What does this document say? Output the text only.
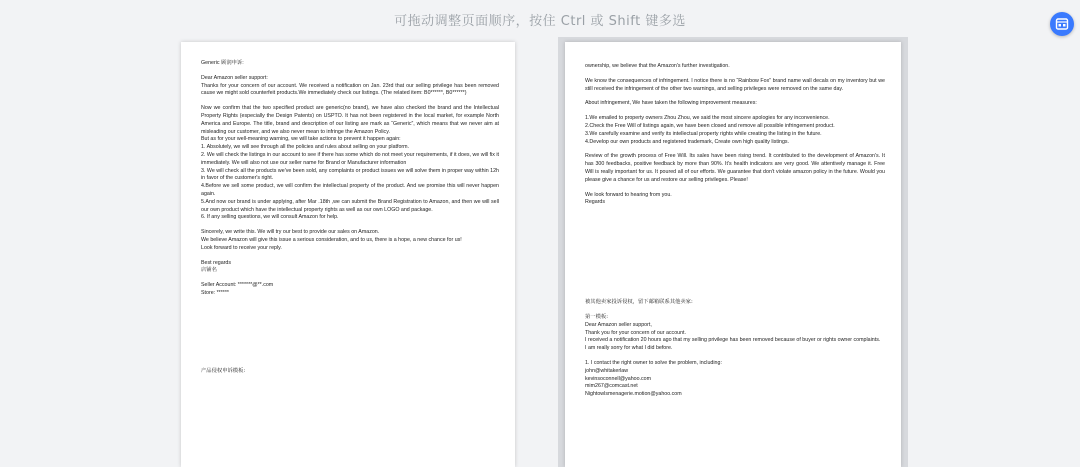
可拖动调整页面顺序，按住 Ctrl 或 Shift 键多选
Generic 顾润申诉:
Dear Amazon seller support:
Thanks for your concern of our account. We received a notification on Jan. 23rd that our selling privilege has been removed cause we might sold counterfeit products.We immediately check our listings. (The related item: B0******, B0******)
Now we confirm that the two specified product are generic(no brand), we have also checked the brand and the Intellectual Property Rights (especially the Design Patents) on USPTO. It has not been registered in the local market, for example North America and Europe. The title, brand and description of our listing are mark as “Generic”, which means that we never aim at misleading our customer, and we also never mean to infringe the Amazon Policy.
But as for your well-meaning warning, we will take actions to prevent it happen again:
1. Absolutely, we will see through all the policies and rules about selling on your platform.
2. We will check the listings in our account to see if there has some which do not meet your requirements, if it does, we will fix it immediately. We will also not use our seller name for Brand or Manufacturer information
3. We will check all the products we've been sold, any complaints or product issues we will solve them in proper way within 12h in favor of the customer's right.
4.Before we sell some product, we will confirm the intellectual property of the product. And we promise this will never happen again.
5.And now our brand is under applying, after Mar .18th ,we can submit the Brand Registration to Amazon, and then we will sell our own product which have the intellectual property rights as well as our own LOGO and package.
6. If any selling questions, we will consult Amazon for help.
Sincerely, we write this. We will try our best to provide our sales on Amazon.
We believe Amazon will give this issue a serious consideration, and to us, there is a hope, a new chance for us!
Look forward to receive your reply.
Best regards
店铺名
Seller Account: *******@**.com
Store: ******
产品侵权申诉模板:
ownership, we believe that the Amazon's further investigation.
We know the consequences of infringement. I notice there is no “Rainbow Fox” brand name wall decals on my inventory but we still received the infringement of the other two warnings, and selling privileges were removed on the same day.
About infringement, We have taken the following improvement measures:
1.We emailed to property owners Zhou Zhou, we said the most sincere apologies for any inconvenience.
2.Check the Free Will of listings again, we have been closed and remove all possible infringement product.
3.We carefully examine and verify its intellectual property rights while creating the listing in the future.
4.Develop our own products and registered trademark, Create own high quality listings.
Review of the growth process of Free Will. Its sales have been rising trend. It contributed to the development of Amazon's. It has 300 feedbacks, positive feedback by more than 90%. It's health indicators are very good. We attentively manage it. Free Will is really important for us. It poured all of our efforts. We guarantee that don't violate amazon policy in the future. Would you please give a chance for us and restore our selling privileges. Please!
We look forward to hearing from you.
Regards
被其他卖家投诉侵权，留下邮箱联系其他卖家:
第一模板:
Dear Amazon seller support,
Thank you for your concern of our account.
I received a notification 20 hours ago that my selling privilege has been removed because of buyer or rights owner complaints.
I am really sorry for what I did before.
1. I contact the right owner to solve the problem, including:
john@whitakerlaw
kevinsoconnell@yahoo.com
mim267@comcast.net
Nightowlsmenagerie.motion@yahoo.com
